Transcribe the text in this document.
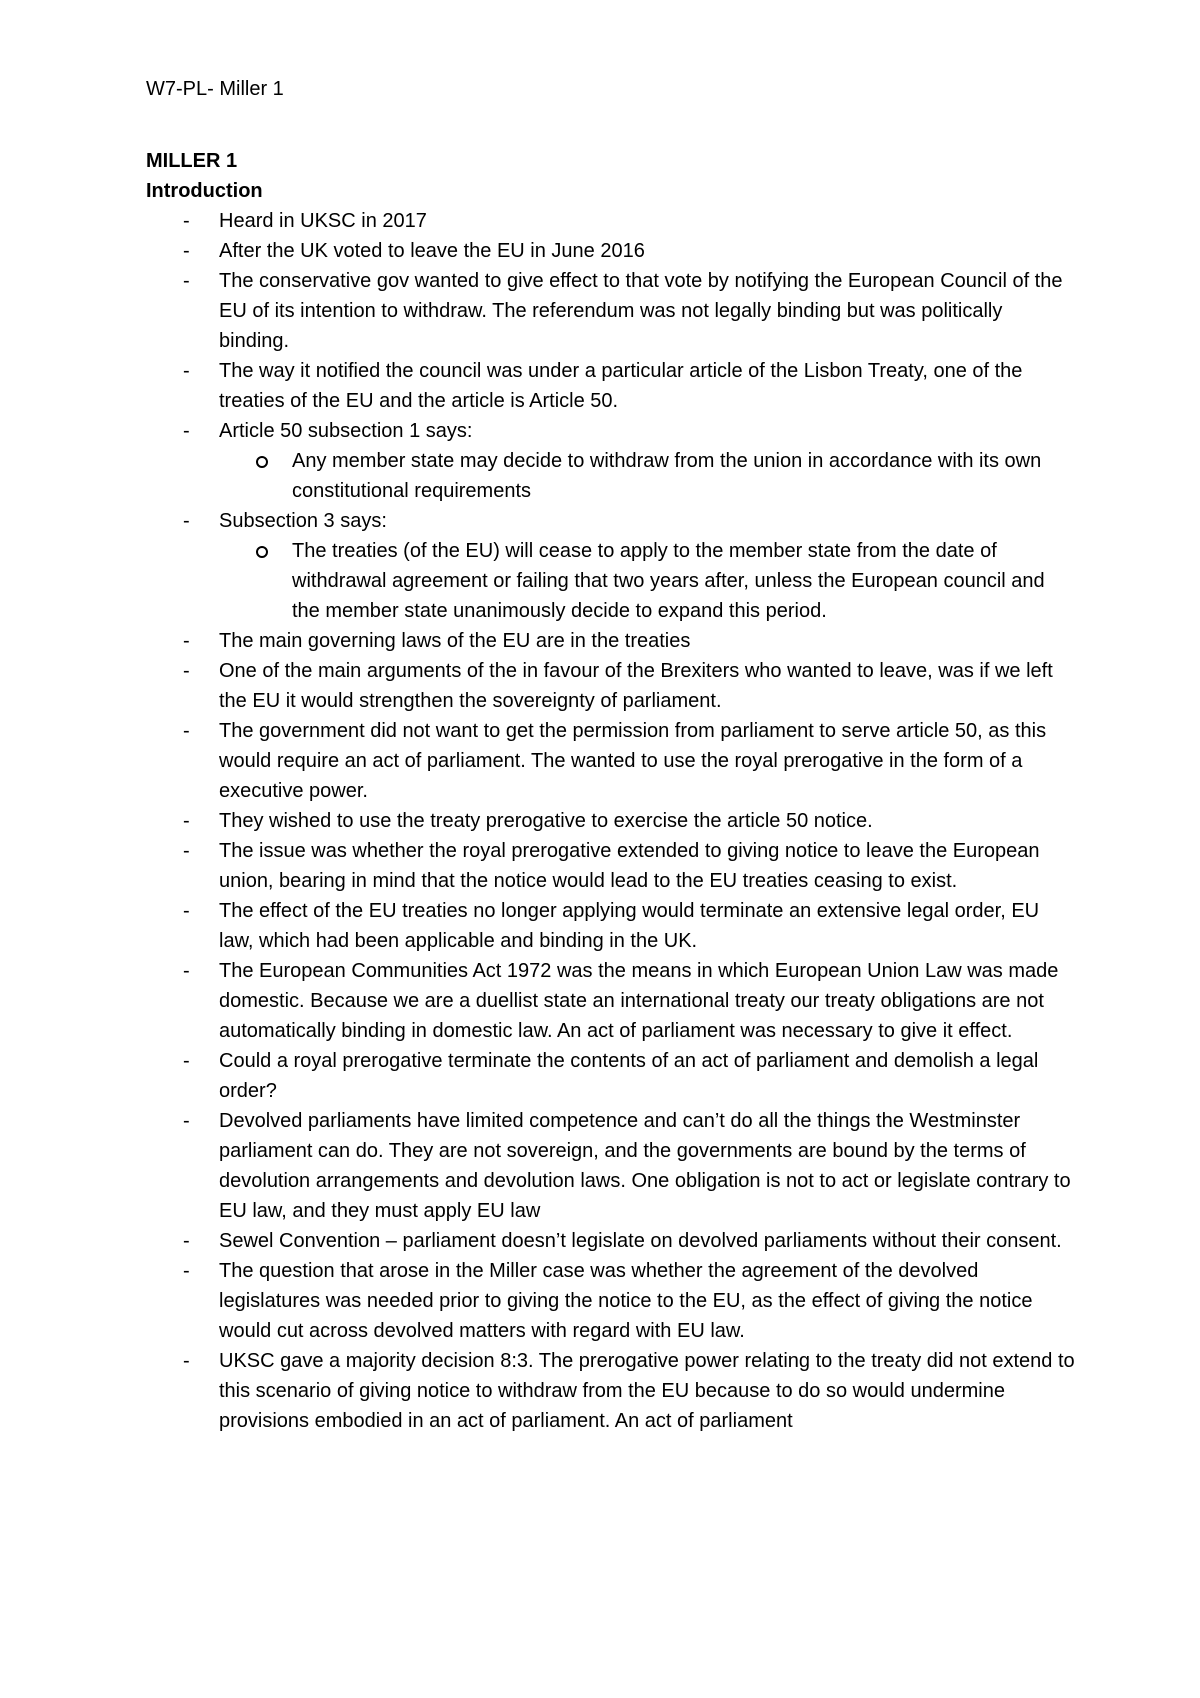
W7-PL- Miller 1

MILLER 1
Introduction
- Heard in UKSC in 2017
- After the UK voted to leave the EU in June 2016
- The conservative gov wanted to give effect to that vote by notifying the European Council of the EU of its intention to withdraw. The referendum was not legally binding but was politically binding.
- The way it notified the council was under a particular article of the Lisbon Treaty, one of the treaties of the EU and the article is Article 50.
- Article 50 subsection 1 says:
Any member state may decide to withdraw from the union in accordance with its own constitutional requirements
- Subsection 3 says:
The treaties (of the EU) will cease to apply to the member state from the date of withdrawal agreement or failing that two years after, unless the European council and the member state unanimously decide to expand this period.
- The main governing laws of the EU are in the treaties
- One of the main arguments of the in favour of the Brexiters who wanted to leave, was if we left the EU it would strengthen the sovereignty of parliament.
- The government did not want to get the permission from parliament to serve article 50, as this would require an act of parliament. The wanted to use the royal prerogative in the form of a executive power.
- They wished to use the treaty prerogative to exercise the article 50 notice.
- The issue was whether the royal prerogative extended to giving notice to leave the European union, bearing in mind that the notice would lead to the EU treaties ceasing to exist.
- The effect of the EU treaties no longer applying would terminate an extensive legal order, EU law, which had been applicable and binding in the UK.
- The European Communities Act 1972 was the means in which European Union Law was made domestic. Because we are a duellist state an international treaty our treaty obligations are not automatically binding in domestic law. An act of parliament was necessary to give it effect.
- Could a royal prerogative terminate the contents of an act of parliament and demolish a legal order?
- Devolved parliaments have limited competence and can’t do all the things the Westminster parliament can do. They are not sovereign, and the governments are bound by the terms of devolution arrangements and devolution laws. One obligation is not to act or legislate contrary to EU law, and they must apply EU law
- Sewel Convention – parliament doesn’t legislate on devolved parliaments without their consent.
- The question that arose in the Miller case was whether the agreement of the devolved legislatures was needed prior to giving the notice to the EU, as the effect of giving the notice would cut across devolved matters with regard with EU law.
- UKSC gave a majority decision 8:3. The prerogative power relating to the treaty did not extend to this scenario of giving notice to withdraw from the EU because to do so would undermine provisions embodied in an act of parliament. An act of parliament
